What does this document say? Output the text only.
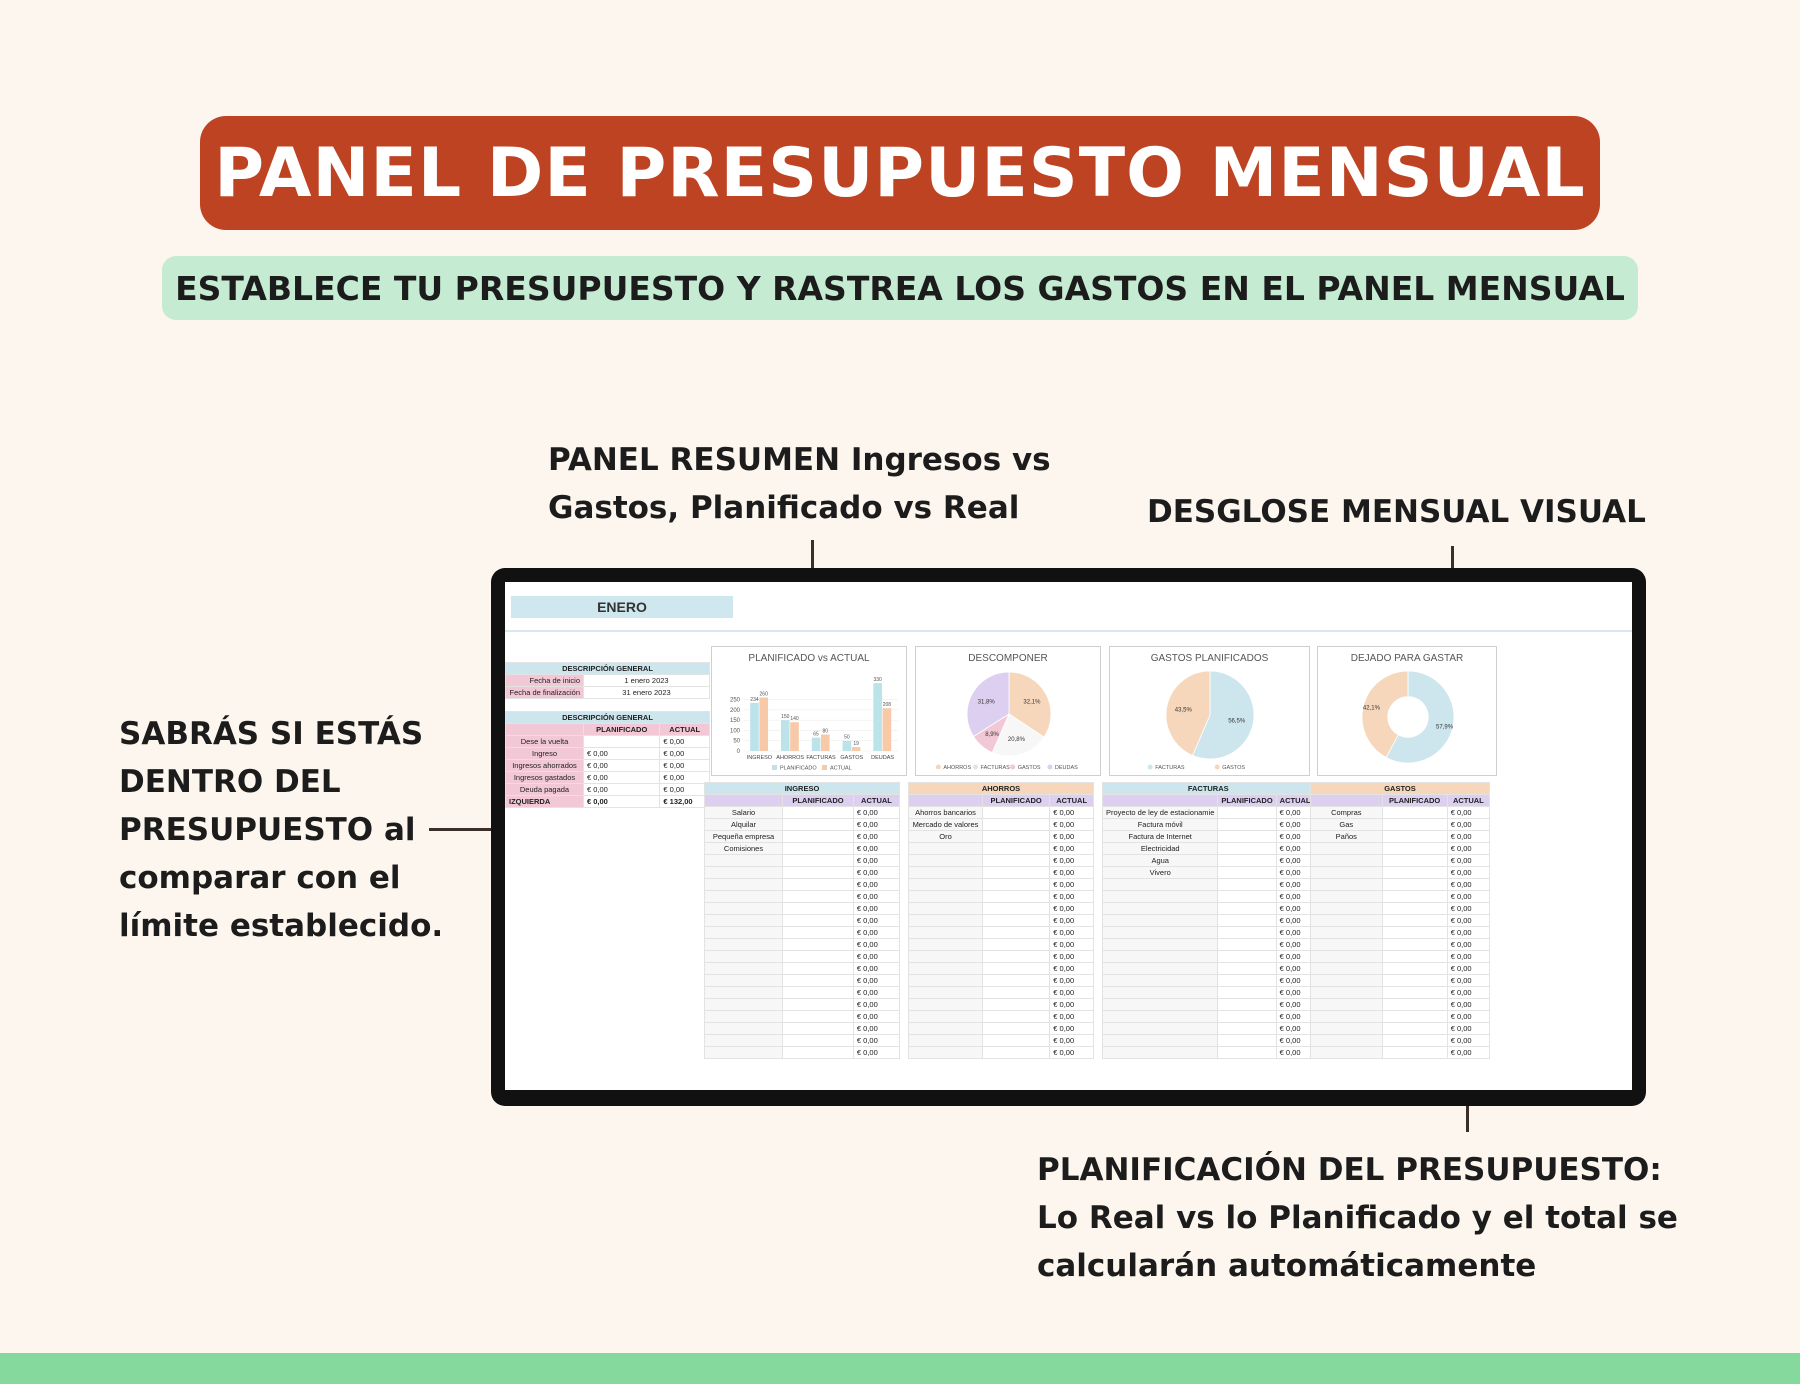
PANEL DE PRESUPUESTO MENSUAL
ESTABLECE TU PRESUPUESTO Y RASTREA LOS GASTOS EN EL PANEL MENSUAL
PANEL RESUMEN Ingresos vs
Gastos, Planificado vs Real	DESGLOSE MENSUAL VISUAL
SABRÁS SI ESTÁS
DENTRO DEL
PRESUPUESTO al
comparar con el
límite establecido.
PLANIFICACIÓN DEL PRESUPUESTO:
Lo Real vs lo Planificado y el total se
calcularán automáticamente
ENERO
DESCRIPCIÓN GENERAL	
Fecha de inicio	1 enero 2023
Fecha de finalización	31 enero 2023
DESCRIPCIÓN GENERAL		
	PLANIFICADO	ACTUAL
Dese la vuelta		€ 0,00
Ingreso	€ 0,00	€ 0,00
Ingresos ahorrados	€ 0,00	€ 0,00
Ingresos gastados	€ 0,00	€ 0,00
Deuda pagada	€ 0,00	€ 0,00
IZQUIERDA	€ 0,00	€ 132,00
PLANIFICADO vs ACTUAL
250
200
150
100
50
0
234
260
INGRESO
150 140
AHORROS
65
80
FACTURAS
50
19
GASTOS
330
208
DEUDAS
PLANIFICADO ACTUAL
DESCOMPONER
32,1%
20,8%
8,9%
31,8%
AHORROS FACTURAS GASTOS	DEUDAS
GASTOS PLANIFICADOS
56,5%
43,5%
FACTURAS	GASTOS
DEJADO PARA GASTAR
57,9%
42,1%
INGRESO		
	PLANIFICADO	ACTUAL
Salario		€ 0,00
Alquilar		€ 0,00
Pequeña empresa		€ 0,00
Comisiones		€ 0,00
		€ 0,00
		€ 0,00
		€ 0,00
		€ 0,00
		€ 0,00
		€ 0,00
		€ 0,00
		€ 0,00
		€ 0,00
		€ 0,00
		€ 0,00
		€ 0,00
		€ 0,00
		€ 0,00
		€ 0,00
		€ 0,00
		€ 0,00
AHORROS		
	PLANIFICADO	ACTUAL
Ahorros bancarios		€ 0,00
Mercado de valores		€ 0,00
Oro		€ 0,00
		€ 0,00
		€ 0,00
		€ 0,00
		€ 0,00
		€ 0,00
		€ 0,00
		€ 0,00
		€ 0,00
		€ 0,00
		€ 0,00
		€ 0,00
		€ 0,00
		€ 0,00
		€ 0,00
		€ 0,00
		€ 0,00
		€ 0,00
		€ 0,00
FACTURAS		
	PLANIFICADO	ACTUAL
Proyecto de ley de estacionamie		€ 0,00
Factura móvil		€ 0,00
Factura de Internet		€ 0,00
Electricidad		€ 0,00
Agua		€ 0,00
Vivero		€ 0,00
		€ 0,00
		€ 0,00
		€ 0,00
		€ 0,00
		€ 0,00
		€ 0,00
		€ 0,00
		€ 0,00
		€ 0,00
		€ 0,00
		€ 0,00
		€ 0,00
		€ 0,00
		€ 0,00
		€ 0,00
GASTOS		
	PLANIFICADO	ACTUAL
Compras		€ 0,00
Gas		€ 0,00
Paños		€ 0,00
		€ 0,00
		€ 0,00
		€ 0,00
		€ 0,00
		€ 0,00
		€ 0,00
		€ 0,00
		€ 0,00
		€ 0,00
		€ 0,00
		€ 0,00
		€ 0,00
		€ 0,00
		€ 0,00
		€ 0,00
		€ 0,00
		€ 0,00
		€ 0,00
